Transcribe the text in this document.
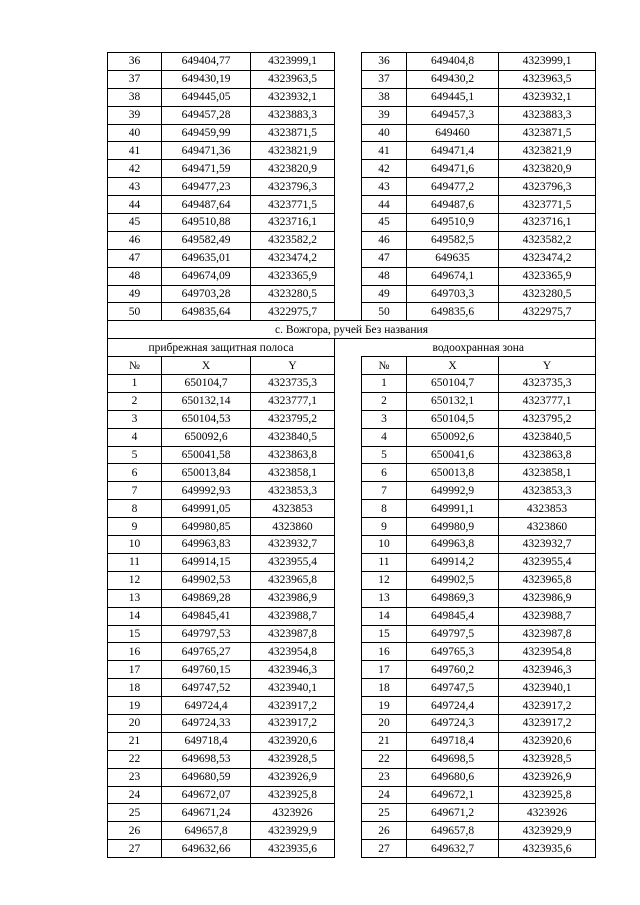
36	649404,77	4323999,1		36	649404,8	4323999,1
37	649430,19	4323963,5		37	649430,2	4323963,5
38	649445,05	4323932,1		38	649445,1	4323932,1
39	649457,28	4323883,3		39	649457,3	4323883,3
40	649459,99	4323871,5		40	649460	4323871,5
41	649471,36	4323821,9		41	649471,4	4323821,9
42	649471,59	4323820,9		42	649471,6	4323820,9
43	649477,23	4323796,3		43	649477,2	4323796,3
44	649487,64	4323771,5		44	649487,6	4323771,5
45	649510,88	4323716,1		45	649510,9	4323716,1
46	649582,49	4323582,2		46	649582,5	4323582,2
47	649635,01	4323474,2		47	649635	4323474,2
48	649674,09	4323365,9		48	649674,1	4323365,9
49	649703,28	4323280,5		49	649703,3	4323280,5
50	649835,64	4322975,7		50	649835,6	4322975,7
с. Вожгора, ручей Без названия						
прибрежная защитная полоса				водоохранная зона		
№	X	Y		№	X	Y
1	650104,7	4323735,3		1	650104,7	4323735,3
2	650132,14	4323777,1		2	650132,1	4323777,1
3	650104,53	4323795,2		3	650104,5	4323795,2
4	650092,6	4323840,5		4	650092,6	4323840,5
5	650041,58	4323863,8		5	650041,6	4323863,8
6	650013,84	4323858,1		6	650013,8	4323858,1
7	649992,93	4323853,3		7	649992,9	4323853,3
8	649991,05	4323853		8	649991,1	4323853
9	649980,85	4323860		9	649980,9	4323860
10	649963,83	4323932,7		10	649963,8	4323932,7
11	649914,15	4323955,4		11	649914,2	4323955,4
12	649902,53	4323965,8		12	649902,5	4323965,8
13	649869,28	4323986,9		13	649869,3	4323986,9
14	649845,41	4323988,7		14	649845,4	4323988,7
15	649797,53	4323987,8		15	649797,5	4323987,8
16	649765,27	4323954,8		16	649765,3	4323954,8
17	649760,15	4323946,3		17	649760,2	4323946,3
18	649747,52	4323940,1		18	649747,5	4323940,1
19	649724,4	4323917,2		19	649724,4	4323917,2
20	649724,33	4323917,2		20	649724,3	4323917,2
21	649718,4	4323920,6		21	649718,4	4323920,6
22	649698,53	4323928,5		22	649698,5	4323928,5
23	649680,59	4323926,9		23	649680,6	4323926,9
24	649672,07	4323925,8		24	649672,1	4323925,8
25	649671,24	4323926		25	649671,2	4323926
26	649657,8	4323929,9		26	649657,8	4323929,9
27	649632,66	4323935,6		27	649632,7	4323935,6
